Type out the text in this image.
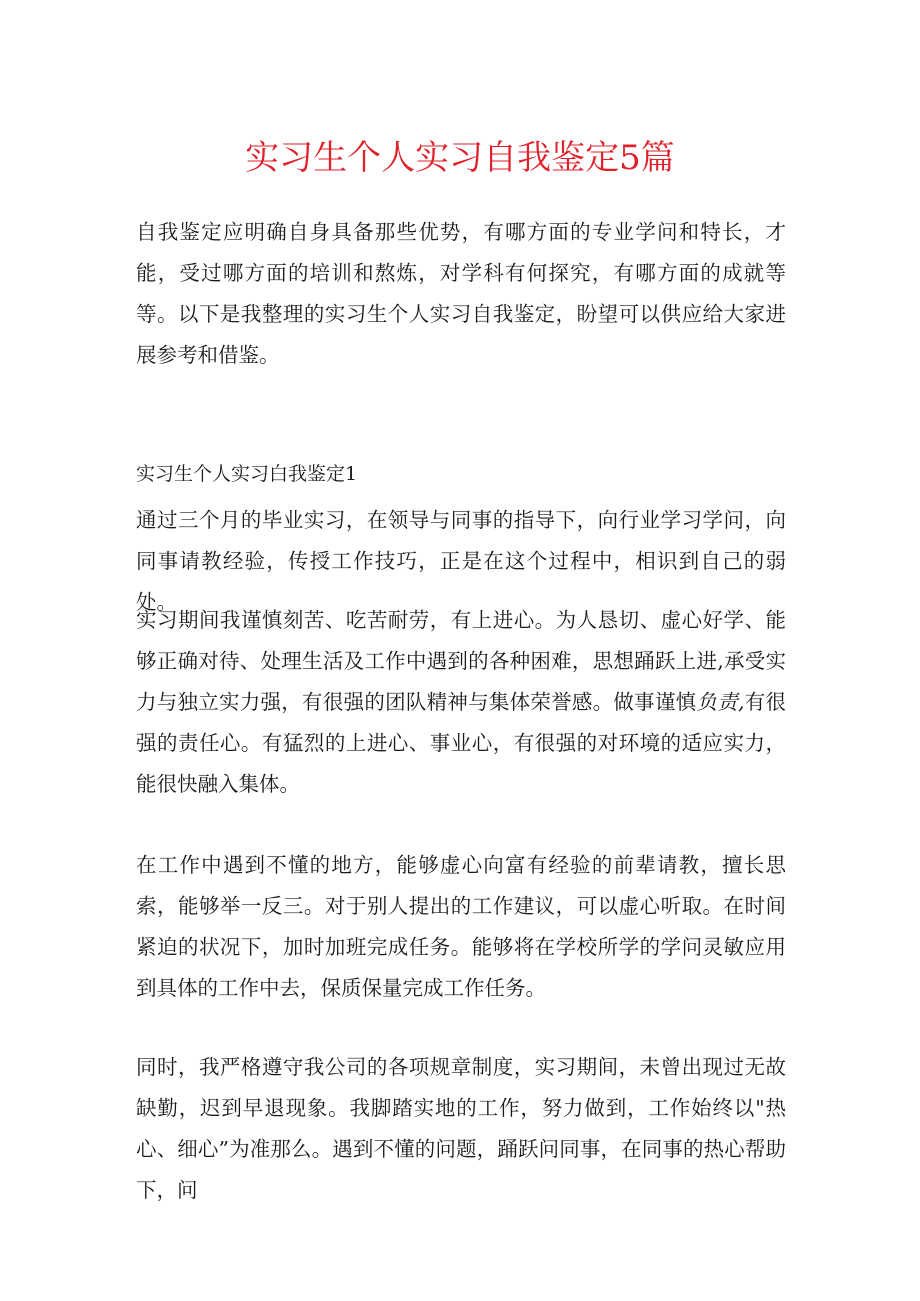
实习生个人实习自我鉴定5篇

自我鉴定应明确自身具备那些优势，有哪方面的专业学问和特长，才能，受过哪方面的培训和熬炼，对学科有何探究，有哪方面的成就等等。以下是我整理的实习生个人实习自我鉴定，盼望可以供应给大家进展参考和借鉴。

实习生个人实习白我鉴定1

通过三个月的毕业实习，在领导与同事的指导下，向行业学习学问，向同事请教经验，传授工作技巧，正是在这个过程中，相识到自己的弱处。

实习期间我谨慎刻苦、吃苦耐劳，有上进心。为人恳切、虚心好学、能够正确对待、处理生活及工作中遇到的各种困难，思想踊跃上进,承受实力与独立实力强，有很强的团队精神与集体荣誉感。做事谨慎负责,有很强的责任心。有猛烈的上进心、事业心，有很强的对环境的适应实力，能很快融入集体。

在工作中遇到不懂的地方，能够虚心向富有经验的前辈请教，擅长思索，能够举一反三。对于别人提出的工作建议，可以虚心听取。在时间紧迫的状况下，加时加班完成任务。能够将在学校所学的学问灵敏应用到具体的工作中去，保质保量完成工作任务。

同时，我严格遵守我公司的各项规章制度，实习期间，未曾出现过无故缺勤，迟到早退现象。我脚踏实地的工作，努力做到，工作始终以"热心、细心”为准那么。遇到不懂的问题，踊跃问同事，在同事的热心帮助下，问
